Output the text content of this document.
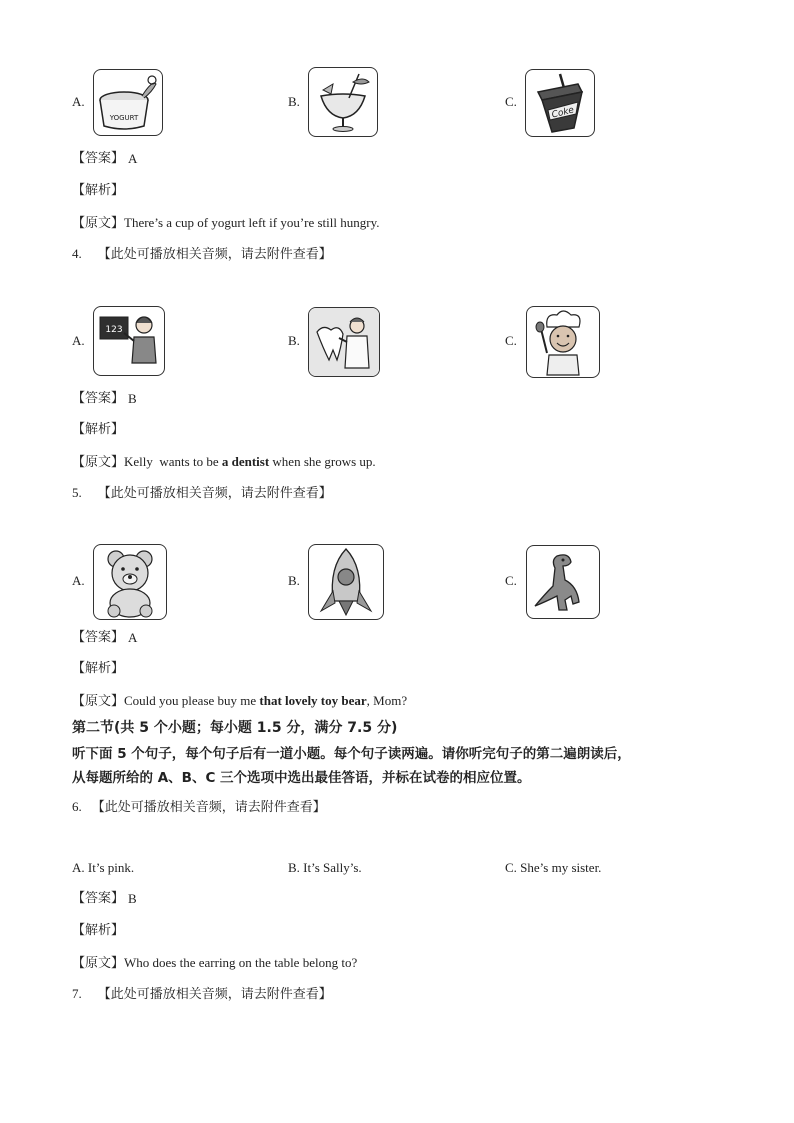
A.
YOGURT
B.	C.
Coke
【答案】 A
【解析】
【原文】There’s a cup of yogurt left if you’re still hungry.
4. 【此处可播放相关音频，请去附件查看】
A.
123
B.	C.
【答案】 B
【解析】
【原文】Kelly  wants to be a dentist when she grows up.
5. 【此处可播放相关音频，请去附件查看】
A.	B.	C.
【答案】 A
【解析】
【原文】Could you please buy me that lovely toy bear, Mom?
第二节(共 5 个小题；每小题 1.5 分，满分 7.5 分)
听下面 5 个句子，每个句子后有一道小题。每个句子读两遍。请你听完句子的第二遍朗读后，
从每题所给的 A、B、C 三个选项中选出最佳答语，并标在试卷的相应位置。
6. 【此处可播放相关音频，请去附件查看】
A. It’s pink.	B. It’s Sally’s.	C. She’s my sister.
【答案】 B
【解析】
【原文】Who does the earring on the table belong to?
7. 【此处可播放相关音频，请去附件查看】
